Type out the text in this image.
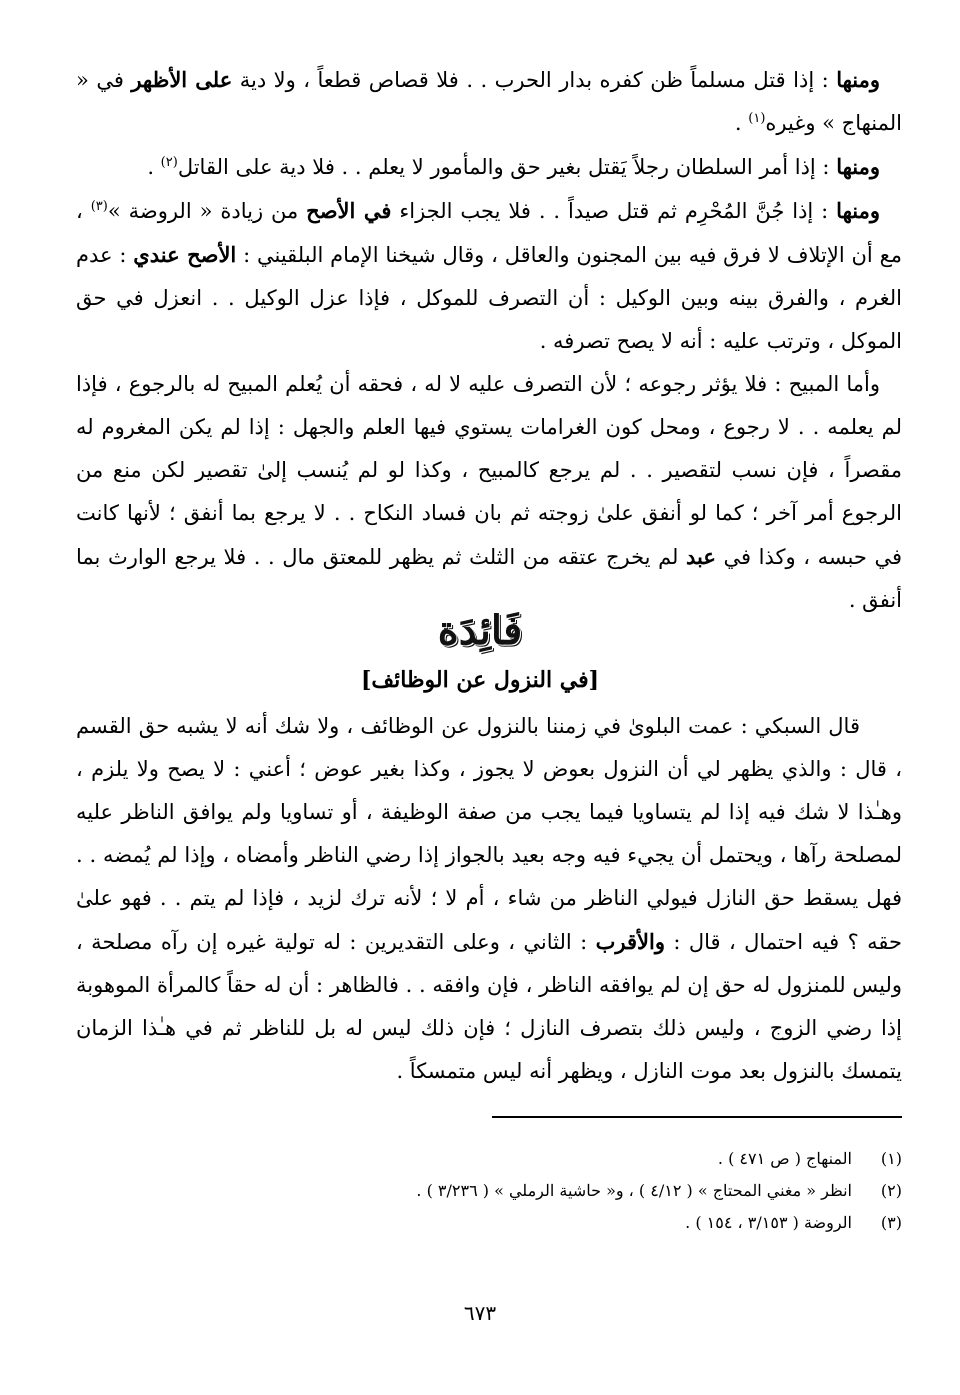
ومنها : إذا قتل مسلماً ظن كفره بدار الحرب . . فلا قصاص قطعاً ، ولا دية على الأظهر في « المنهاج » وغيره$^{(١)}$ .

ومنها : إذا أمر السلطان رجلاً يَقتل بغير حق والمأمور لا يعلم . . فلا دية على القاتل$^{(٢)}$ .

ومنها : إذا جُنَّ المُحْرِم ثم قتل صيداً . . فلا يجب الجزاء في الأصح من زيادة « الروضة »$^{(٣)}$ ، مع أن الإتلاف لا فرق فيه بين المجنون والعاقل ، وقال شيخنا الإمام البلقيني : الأصح عندي : عدم الغرم ، والفرق بينه وبين الوكيل : أن التصرف للموكل ، فإذا عزل الوكيل . . انعزل في حق الموكل ، وترتب عليه : أنه لا يصح تصرفه .

وأما المبيح : فلا يؤثر رجوعه ؛ لأن التصرف عليه لا له ، فحقه أن يُعلم المبيح له بالرجوع ، فإذا لم يعلمه . . لا رجوع ، ومحل كون الغرامات يستوي فيها العلم والجهل : إذا لم يكن المغروم له مقصراً ، فإن نسب لتقصير . . لم يرجع كالمبيح ، وكذا لو لم يُنسب إلىٰ تقصير لكن منع من الرجوع أمر آخر ؛ كما لو أنفق علىٰ زوجته ثم بان فساد النكاح . . لا يرجع بما أنفق ؛ لأنها كانت في حبسه ، وكذا في عبد لم يخرج عتقه من الثلث ثم يظهر للمعتق مال . . فلا يرجع الوارث بما أنفق .

فَائِدَة
[في النزول عن الوظائف]

قال السبكي : عمت البلوىٰ في زمننا بالنزول عن الوظائف ، ولا شك أنه لا يشبه حق القسم ، قال : والذي يظهر لي أن النزول بعوض لا يجوز ، وكذا بغير عوض ؛ أعني : لا يصح ولا يلزم ، وهـٰذا لا شك فيه إذا لم يتساويا فيما يجب من صفة الوظيفة ، أو تساويا ولم يوافق الناظر عليه لمصلحة رآها ، ويحتمل أن يجيء فيه وجه بعيد بالجواز إذا رضي الناظر وأمضاه ، وإذا لم يُمضه . . فهل يسقط حق النازل فيولي الناظر من شاء ، أم لا ؛ لأنه ترك لزيد ، فإذا لم يتم . . فهو علىٰ حقه ؟ فيه احتمال ، قال : والأقرب : الثاني ، وعلى التقديرين : له تولية غيره إن رآه مصلحة ، وليس للمنزول له حق إن لم يوافقه الناظر ، فإن وافقه . . فالظاهر : أن له حقاً كالمرأة الموهوبة إذا رضي الزوج ، وليس ذلك بتصرف النازل ؛ فإن ذلك ليس له بل للناظر ثم في هـٰذا الزمان يتمسك بالنزول بعد موت النازل ، ويظهر أنه ليس متمسكاً .

(١)
المنهاج ( ص ٤٧١ ) .
(٢)
انظر « مغني المحتاج » ( ٤/١٢ ) ، و« حاشية الرملي » ( ٣/٢٣٦ ) .
(٣)
الروضة ( ٣/١٥٣ ، ١٥٤ ) .
٦٧٣
